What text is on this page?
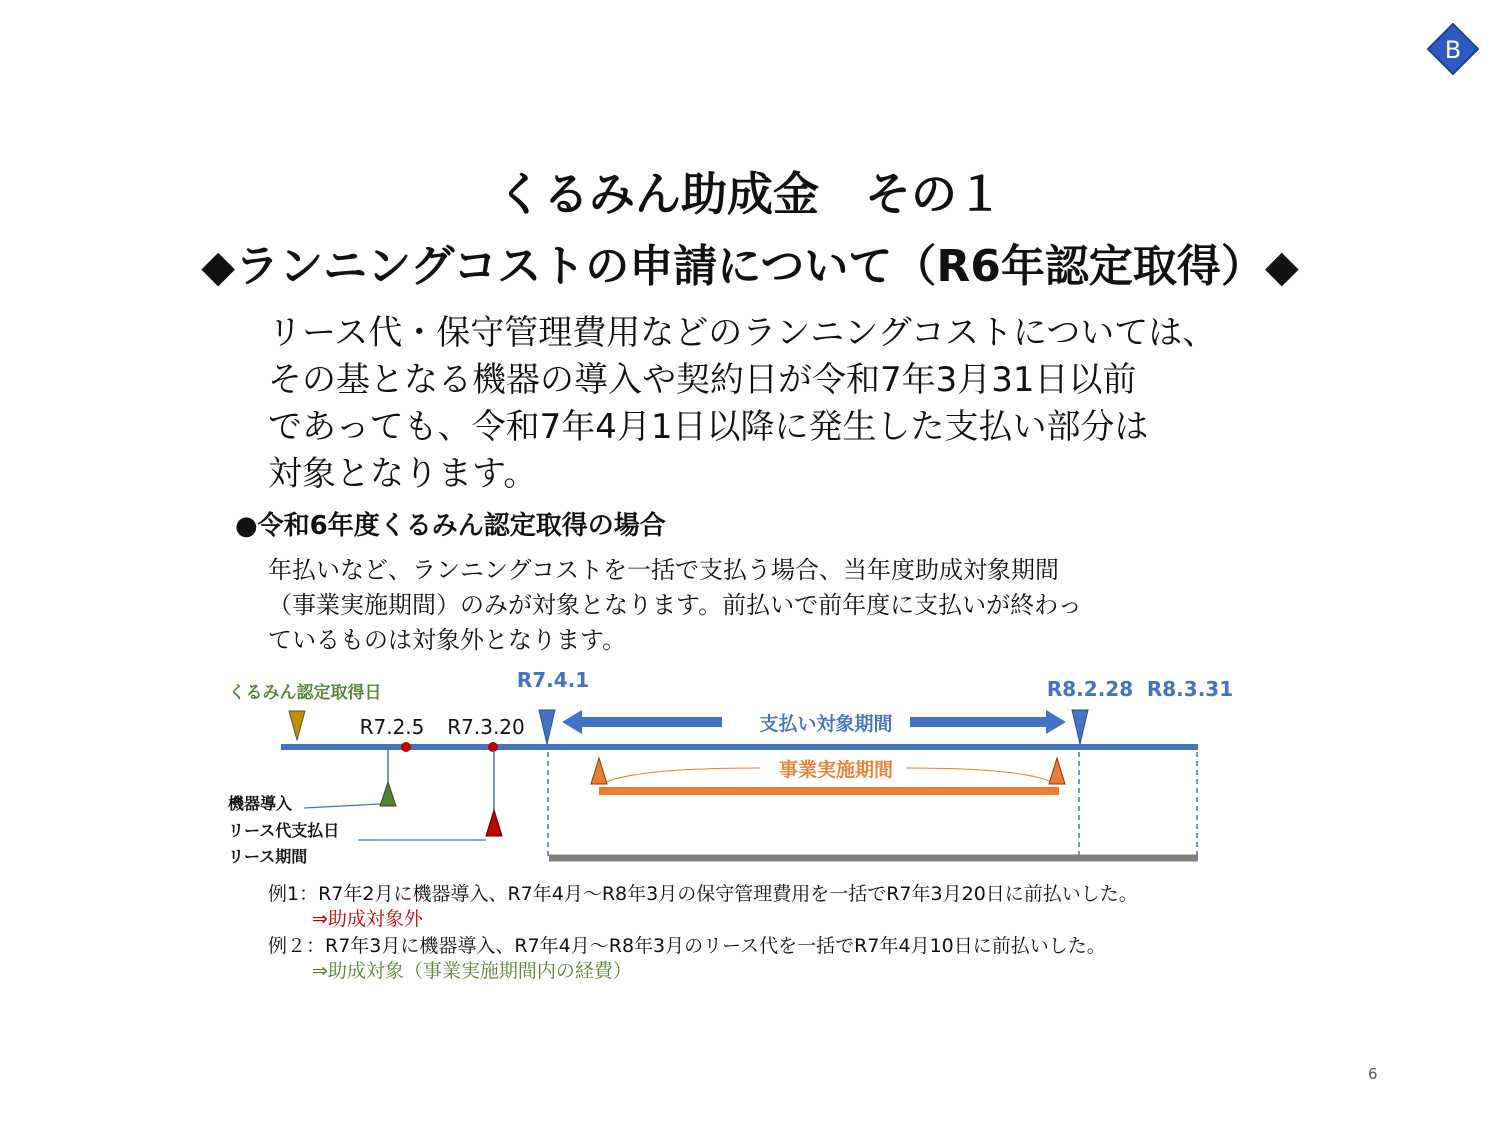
B
くるみん助成金　その１
◆ランニングコストの申請について（R6年認定取得）◆
リース代・保守管理費用などのランニングコストについては、
その基となる機器の導入や契約日が令和7年3月31日以前
であっても、令和7年4月1日以降に発生した支払い部分は
対象となります。
●令和6年度くるみん認定取得の場合
年払いなど、ランニングコストを一括で支払う場合、当年度助成対象期間
（事業実施期間）のみが対象となります。前払いで前年度に支払いが終わっ
ているものは対象外となります。
くるみん認定取得日
R7.4.1	R8.2.28 R8.3.31
R7.2.5 R7.3.20	支払い対象期間
事業実施期間
機器導入
リース代支払日
リース期間
例1：R7年2月に機器導入、R7年4月～R8年3月の保守管理費用を一括でR7年3月20日に前払いした。
⇒助成対象外
例２：R7年3月に機器導入、R7年4月～R8年3月のリース代を一括でR7年4月10日に前払いした。
⇒助成対象（事業実施期間内の経費）
6
